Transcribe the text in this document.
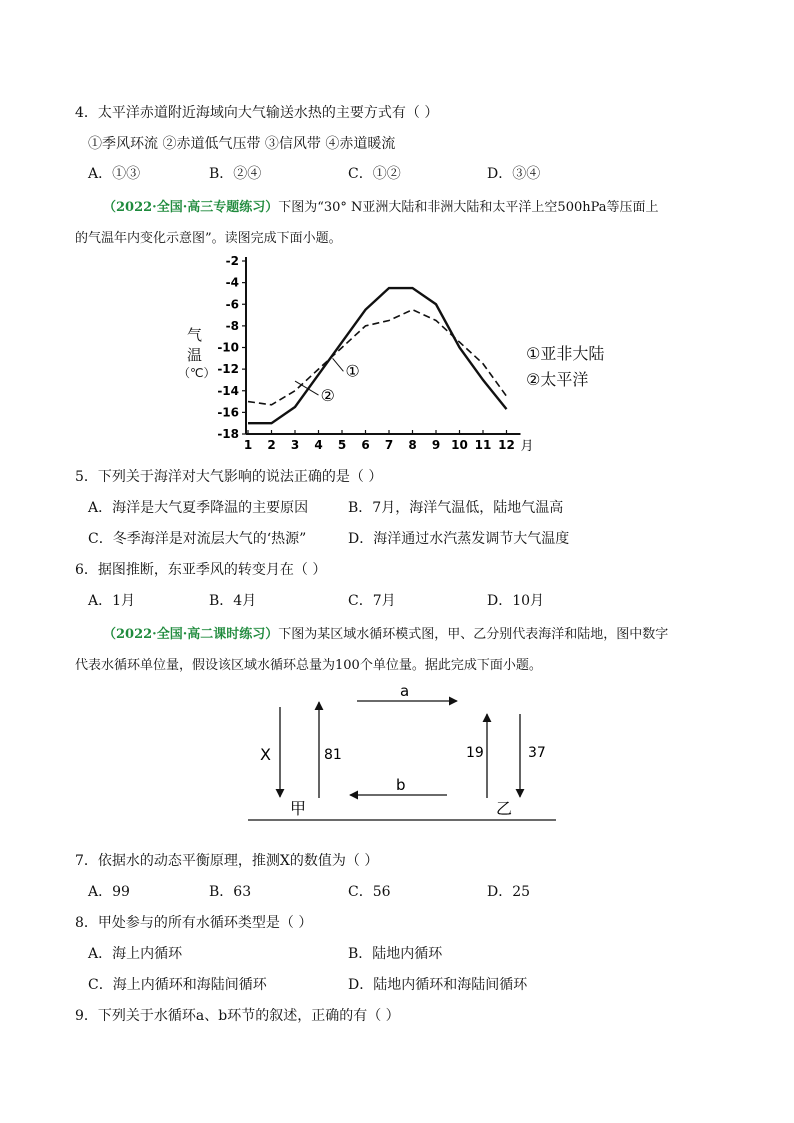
4．太平洋赤道附近海域向大气输送水热的主要方式有（ ）
①季风环流 ②赤道低气压带 ③信风带 ④赤道暖流
A．①③	B．②④	C．①②	D．③④
（2022·全国·高三专题练习）下图为“30° N亚洲大陆和非洲大陆和太平洋上空500hPa等压面上
的气温年内变化示意图”。读图完成下面小题。
-2
-4
-6
-8
-10
-12
-14
-16
-18
1 2 3 4 5 6 7 8 9 10 11 12 月
①
②
气
温
（℃）
①亚非大陆
②太平洋
5．下列关于海洋对大气影响的说法正确的是（ ）
A．海洋是大气夏季降温的主要原因	B．7月，海洋气温低，陆地气温高
C．冬季海洋是对流层大气的‘热源”	D．海洋通过水汽蒸发调节大气温度
6．据图推断，东亚季风的转变月在（ ）
A．1月	B．4月	C．7月	D．10月
（2022·全国·高二课时练习）下图为某区域水循环模式图，甲、乙分别代表海洋和陆地，图中数字
代表水循环单位量，假设该区域水循环总量为100个单位量。据此完成下面小题。
a
X	81	19	37
b
甲	乙
7．依据水的动态平衡原理，推测X的数值为（ ）
A．99	B．63	C．56	D．25
8．甲处参与的所有水循环类型是（ ）
A．海上内循环	B．陆地内循环
C．海上内循环和海陆间循环	D．陆地内循环和海陆间循环
9．下列关于水循环a、b环节的叙述，正确的有（ ）
